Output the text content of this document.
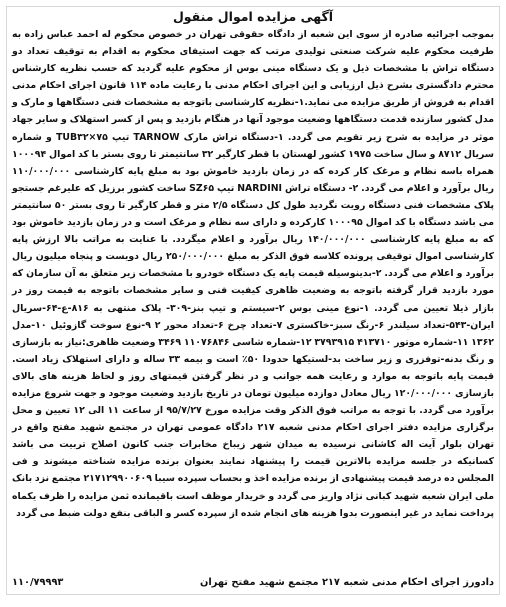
آگهی مزایده اموال منقول
بموجب اجرائیه صادره از سوی این شعبه از دادگاه حقوقی تهران در خصوص محکوم له احمد عباس زاده به طرفیت محکوم علیه شرکت صنعتی تولیدی مرتب که جهت استیفای محکوم به اقدام به توقیف تعداد دو دستگاه تراش با مشخصات ذیل و یک دستگاه مینی بوس از محکوم علیه گردید که حسب نظریه کارشناس محترم دادگستری بشرح ذیل ارزیابی و این اجرای احکام مدنی با رعایت ماده ۱۱۴ قانون اجرای احکام مدنی اقدام به فروش از طریق مزایده می نماید.۱-نظریه کارشناسی باتوجه به مشخصات فنی دستگاهها و مارک و مدل کشور سازنده قدمت دستگاهها وضعیت موجود آنها در هنگام بازدید و پس از کسر استهلاک و سایر جهاد موثر در مزایده به شرح زیر تقویم می گردد. ۱-دستگاه تراش مارک TARNOW تیپ TUB۳۲×۷۵ و شماره سریال ۸۷۱۲ و سال ساخت ۱۹۷۵ کشور لهستان با قطر کارگیر ۳۲ سانتیمتر تا روی بستر با کد اموال ۱۰۰۰۹۴ همراه باسه نظام و مرغک کار کرده که در زمان بازدید خاموش بود به مبلغ پایه کارشناسی ۱۱۰/۰۰۰/۰۰۰ ریال برآورد و اعلام می گردد. ۲- دستگاه تراش NARDINI تیپ SZ۶۵ ساخت کشور برزیل که علیرغم جستجو پلاک مشخصات فنی دستگاه رویت نگردید طول کل دستگاه ۲/۵ متر و قطر کارگیر تا روی بستر ۵۰ سانتیمتر می باشد دستگاه با کد اموال ۱۰۰۰۹۵ کارکرده و دارای سه نظام و مرغک است و در زمان بازدید خاموش بود که به مبلغ پایه کارشناسی ۱۴۰/۰۰۰/۰۰۰ ریال برآورد و اعلام میگردد. با عنایت به مراتب بالا ارزش پایه کارشناسی اموال توقیفی پرونده کلاسه فوق الذکر به مبلغ ۲۵۰/۰۰۰/۰۰۰ ریال دویست و پنجاه میلیون ریال برآورد و اعلام می گردد. ۲-بدینوسیله قیمت پایه یک دستگاه خودرو با مشخصات زیر متعلق به آن سازمان که مورد بازدید قرار گرفته باتوجه به وضعیت ظاهری کیفیت فنی و سایر مشخصات باتوجه به قیمت روز در بازار ذیلا تعیین می گردد. ۱-نوع مینی بوس ۲-سیستم و تیپ بنز-۳۰۹- پلاک منتهی به ۸۱۶-ع-۶۴-سریال ایران-۵۴۳-تعداد سیلندر ۶-رنگ سبز-خاکستری ۷-تعداد چرخ ۶-تعداد محور ۲ ۹-نوع سوخت گازوئیل ۱۰-مدل ۱۳۶۲ ۱۱-شماره موتور ۴۱۳۷۱۰ ۳۷۹۳۹۱۵ ۱۲-شماره شاسی ۱۱۰۷۶۸۴۶ ۳۴۶۹ وضعیت ظاهری:نیاز به بازسازی و رنگ بدنه-توفزری و زیر ساخت بد-لستیکها حدودا ۵۰٪ است و بیمه ۳۳ ساله و دارای استهلاک زیاد است. قیمت پایه باتوجه به موارد و رعایت همه جوانب و در نظر گرفتن قیمتهای روز و لحاظ هزینه های بالای بازسازی ۱۲۰/۰۰۰/۰۰۰ ریال معادل دوازده میلیون تومان در تاریخ بازدید وضعیت موجود و جهت شروع مزایده برآورد می گردد. با توجه به مراتب فوق الذکر وقت مزایده مورخ ۹۵/۷/۲۷ از ساعت ۱۱ الی ۱۲ تعیین و محل برگزاری مزایده دفتر اجرای احکام مدنی شعبه ۲۱۷ دادگاه عمومی تهران در مجتمع شهید مفتح واقع در تهران بلوار آیت اله کاشانی نرسیده به میدان شهر زیباخ مخابرات جنب کانون اصلاح تربیت می باشد کسانیکه در جلسه مزایده بالاترین قیمت را پیشنهاد نمایند بعنوان برنده مزایده شناخته میشوند و فی المجلس ده درصد قیمت پیشنهادی از برنده مزایده اخذ و بحساب سپرده سیبا ۲۱۷۱۲۹۹۰۰۶۰۹ مجتمع نزد بانک ملی ایران شعبه شهید کبانی نژاد واریز می گردد و خریدار موظف است باقیمانده ثمن مزایده را ظرف یکماه پرداخت نماید در غیر اینصورت بدوا هزینه های انجام شده از سپرده کسر و الباقی بنفع دولت ضبط می گردد
دادورز اجرای احکام مدنی شعبه ۲۱۷ مجتمع شهید مفتح تهران
۱۱۰/۷۹۹۹۳
